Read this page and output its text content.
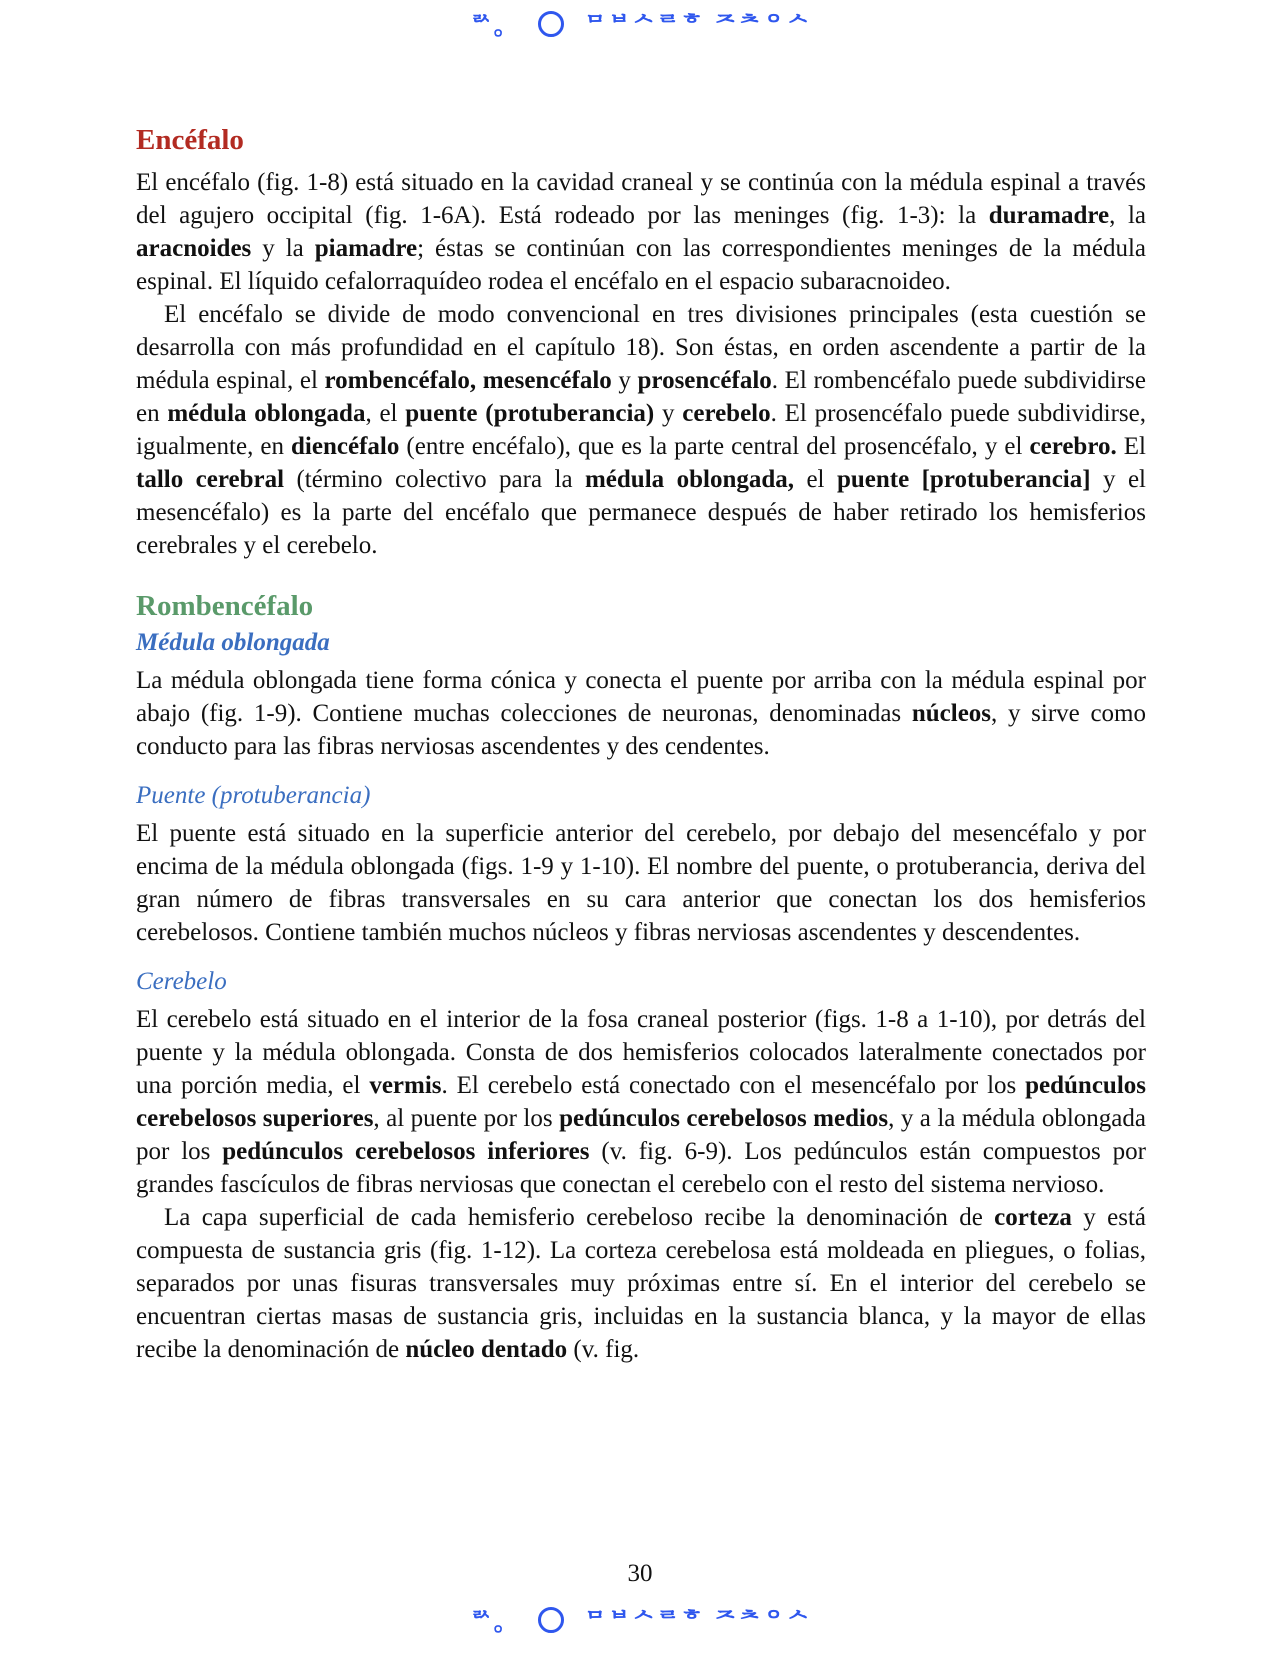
ᄅᄉ。	ᄆᄇᄉᄅᄒ ᄌᄎᄋᄉ
Encéfalo

El encéfalo (fig. 1-8) está situado en la cavidad craneal y se continúa con la médula espinal a través del agujero occipital (fig. 1-6A). Está rodeado por las meninges (fig. 1-3): la duramadre, la aracnoides y la piamadre; éstas se continúan con las correspondientes meninges de la médula espinal. El líquido cefalorraquídeo rodea el encéfalo en el espacio subaracnoideo.

El encéfalo se divide de modo convencional en tres divisiones principales (esta cuestión se desarrolla con más profundidad en el capítulo 18). Son éstas, en orden ascendente a partir de la médula espinal, el rombencéfalo, mesencéfalo y prosencéfalo. El rombencéfalo puede subdividirse en médula oblongada, el puente (protuberancia) y cerebelo. El prosencéfalo puede subdividirse, igualmente, en diencéfalo (entre encéfalo), que es la parte central del prosencéfalo, y el cerebro. El tallo cerebral (término colectivo para la médula oblongada, el puente [protuberancia] y el mesencéfalo) es la parte del encéfalo que permanece después de haber retirado los hemisferios cerebrales y el cerebelo.

Rombencéfalo
Médula oblongada

La médula oblongada tiene forma cónica y conecta el puente por arriba con la médula espinal por abajo (fig. 1-9). Contiene muchas colecciones de neuronas, denominadas núcleos, y sirve como conducto para las fibras nerviosas ascendentes y des cendentes.

Puente (protuberancia)

El puente está situado en la superficie anterior del cerebelo, por debajo del mesencéfalo y por encima de la médula oblongada (figs. 1-9 y 1-10). El nombre del puente, o protuberancia, deriva del gran número de fibras transversales en su cara anterior que conectan los dos hemisferios cerebelosos. Contiene también muchos núcleos y fibras nerviosas ascendentes y descendentes.

Cerebelo

El cerebelo está situado en el interior de la fosa craneal posterior (figs. 1-8 a 1-10), por detrás del puente y la médula oblongada. Consta de dos hemisferios colocados lateralmente conectados por una porción media, el vermis. El cerebelo está conectado con el mesencéfalo por los pedúnculos cerebelosos superiores, al puente por los pedúnculos cerebelosos medios, y a la médula oblongada por los pedúnculos cerebelosos inferiores (v. fig. 6-9). Los pedúnculos están compuestos por grandes fascículos de fibras nerviosas que conectan el cerebelo con el resto del sistema nervioso.

La capa superficial de cada hemisferio cerebeloso recibe la denominación de corteza y está compuesta de sustancia gris (fig. 1-12). La corteza cerebelosa está moldeada en pliegues, o folias, separados por unas fisuras transversales muy próximas entre sí. En el interior del cerebelo se encuentran ciertas masas de sustancia gris, incluidas en la sustancia blanca, y la mayor de ellas recibe la denominación de núcleo dentado (v. fig.

30
ᄅᄉ。	ᄆᄇᄉᄅᄒ ᄌᄎᄋᄉ
